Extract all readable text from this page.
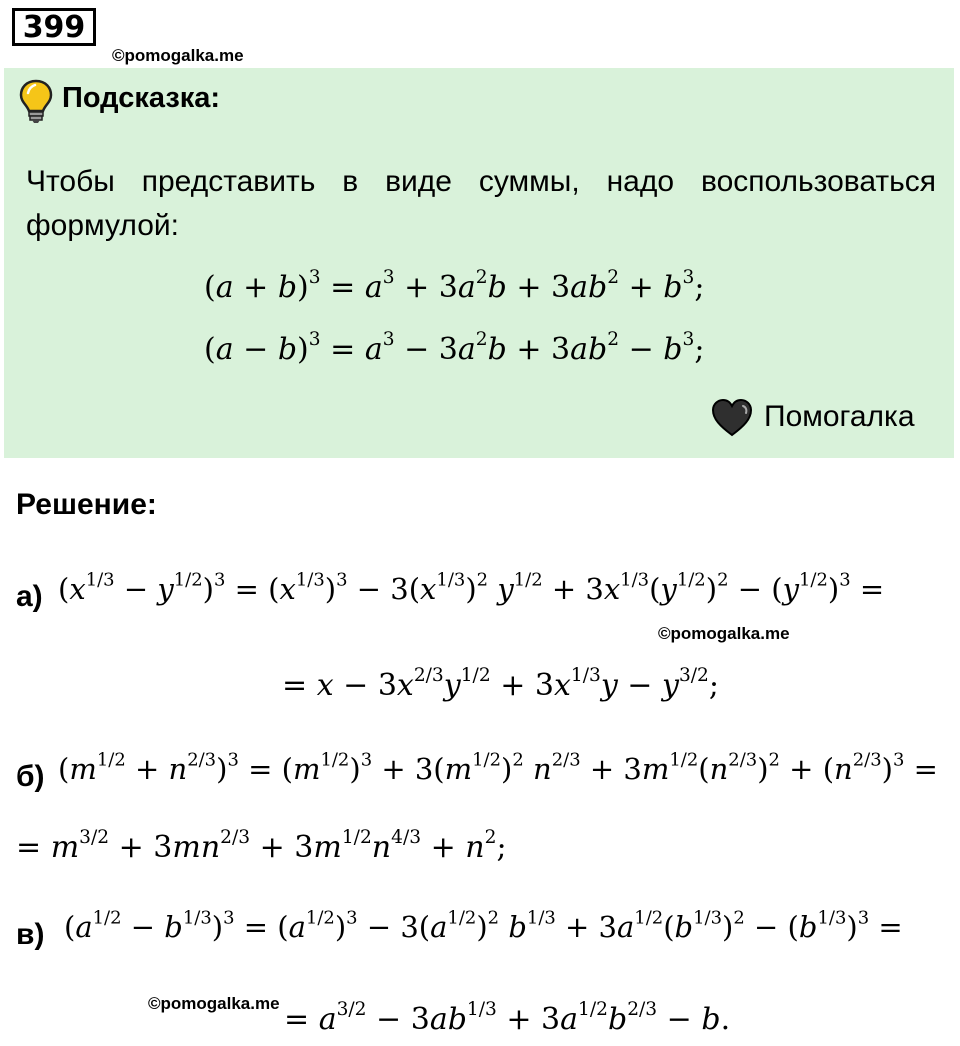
399
©pomogalka.me
Подсказка:
Чтобы представить в виде суммы, надо воспользоваться формулой:
$(a + b)^3 = a^3 + 3a^2b + 3ab^2 + b^3$;
$(a - b)^3 = a^3 - 3a^2b + 3ab^2 - b^3$;
Помогалка
Решение:
а) $(x^{1/3} - y^{1/2})^3 = (x^{1/3})^3 - 3(x^{1/3})^2$ $y^{1/2} + 3x^{1/3}(y^{1/2})^2 - (y^{1/2})^3$ =
©pomogalka.me
= $x - 3x^{2/3}y^{1/2} + 3x^{1/3}y - y^{3/2}$;
б) $(m^{1/2} + n^{2/3})^3 = (m^{1/2})^3 + 3(m^{1/2})^2$ $n^{2/3} + 3m^{1/2}(n^{2/3})^2 + (n^{2/3})^3$ =
= $m^{3/2} + 3mn^{2/3} + 3m^{1/2}n^{4/3} + n^2$;
в) $(a^{1/2} - b^{1/3})^3 = (a^{1/2})^3 - 3(a^{1/2})^2$ $b^{1/3} + 3a^{1/2}(b^{1/3})^2 - (b^{1/3})^3$ =
©pomogalka.me = $a^{3/2} - 3ab^{1/3} + 3a^{1/2}b^{2/3} - b$.
